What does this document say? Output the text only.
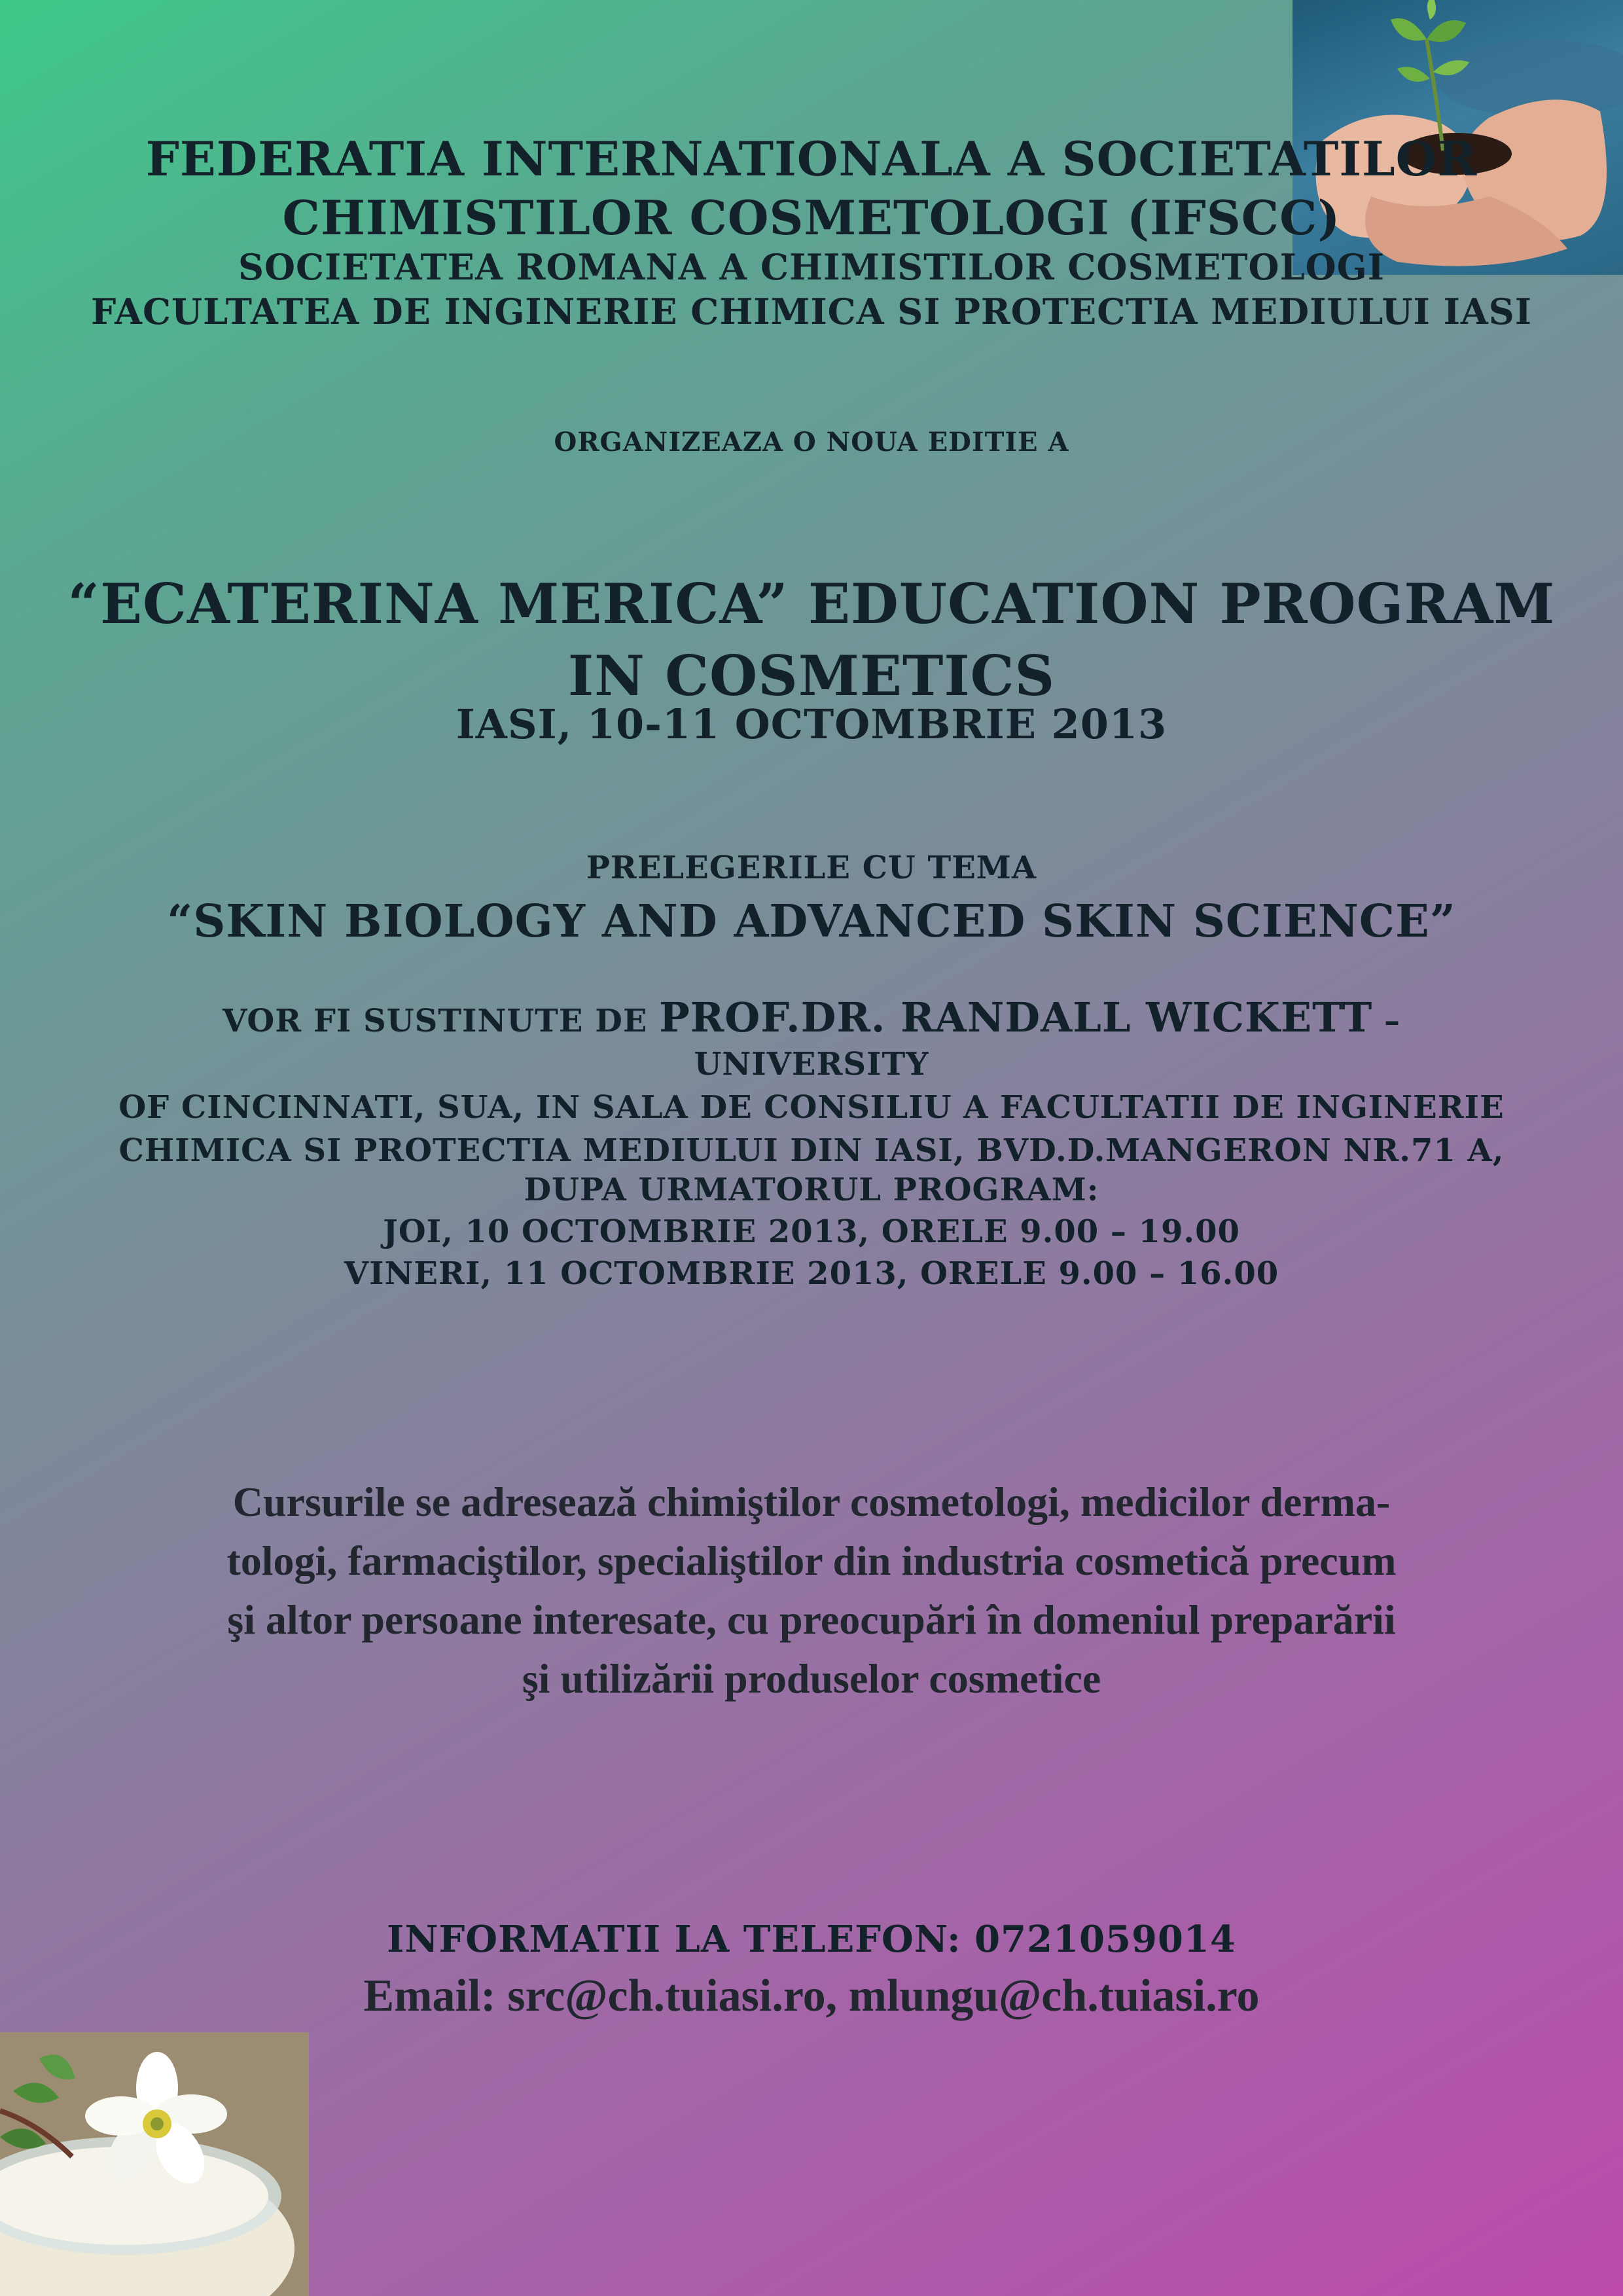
FEDERATIA INTERNATIONALA A SOCIETATILOR
CHIMISTILOR COSMETOLOGI (IFSCC)
SOCIETATEA ROMANA A CHIMISTILOR COSMETOLOGI
FACULTATEA DE INGINERIE CHIMICA SI PROTECTIA MEDIULUI IASI
ORGANIZEAZA O NOUA EDITIE A
“ECATERINA MERICA” EDUCATION PROGRAM
IN COSMETICS
IASI, 10-11 OCTOMBRIE 2013
PRELEGERILE CU TEMA
“SKIN BIOLOGY AND ADVANCED SKIN SCIENCE”
VOR FI SUSTINUTE DE PROF.DR. RANDALL WICKETT – UNIVERSITY
OF CINCINNATI, SUA, IN SALA DE CONSILIU A FACULTATII DE INGINERIE
CHIMICA SI PROTECTIA MEDIULUI DIN IASI, BVD.D.MANGERON NR.71 A,
DUPA URMATORUL PROGRAM:
JOI, 10 OCTOMBRIE 2013, ORELE 9.00 – 19.00
VINERI, 11 OCTOMBRIE 2013, ORELE 9.00 – 16.00
Cursurile se adresează chimiştilor cosmetologi, medicilor derma-
tologi, farmaciştilor, specialiştilor din industria cosmetică precum
şi altor persoane interesate, cu preocupări în domeniul preparării
şi utilizării produselor cosmetice
INFORMATII LA TELEFON: 0721059014
Email: src@ch.tuiasi.ro, mlungu@ch.tuiasi.ro
